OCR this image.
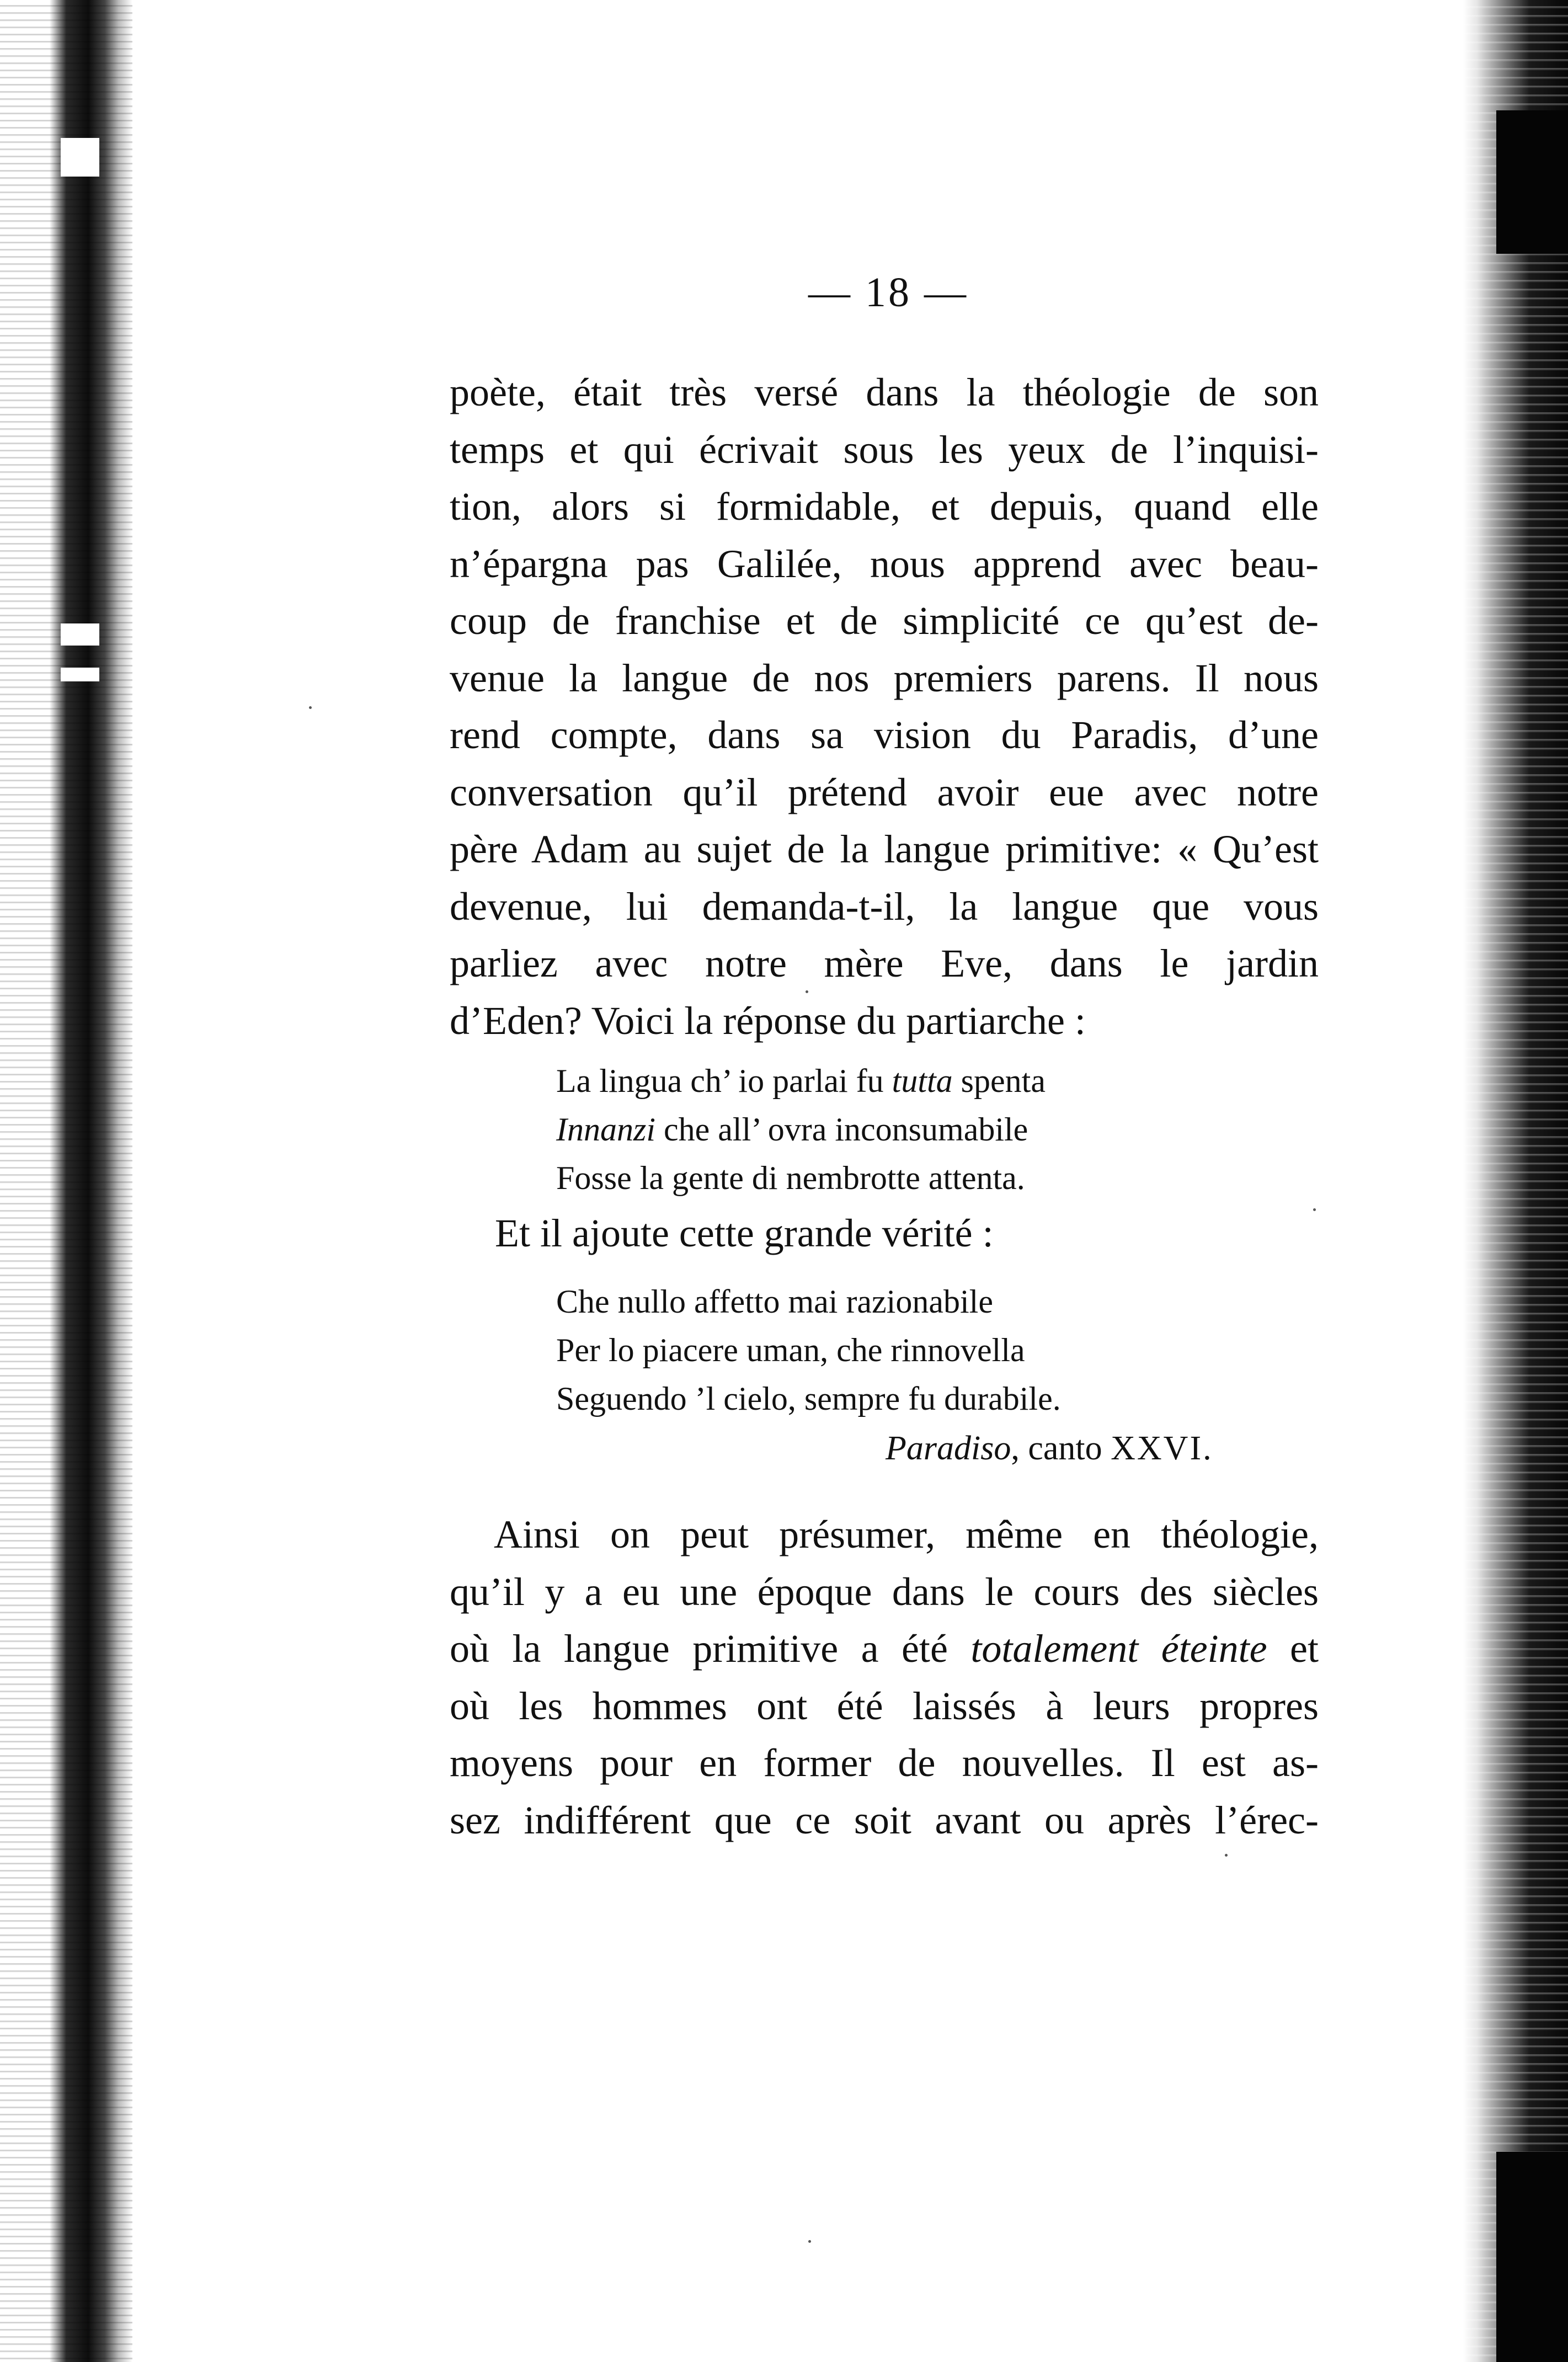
— 18 —

poète, était très versé dans la théologie de son
temps et qui écrivait sous les yeux de l’inquisi-
tion, alors si formidable, et depuis, quand elle
n’épargna pas Galilée, nous apprend avec beau-
coup de franchise et de simplicité ce qu’est de-
venue la langue de nos premiers parens. Il nous
rend compte, dans sa vision du Paradis, d’une
conversation qu’il prétend avoir eue avec notre
père Adam au sujet de la langue primitive: « Qu’est
devenue, lui demanda-t-il, la langue que vous
parliez avec notre mère Eve, dans le jardin
d’Eden? Voici la réponse du partiarche :
La lingua ch’ io parlai fu tutta spenta
Innanzi che all’ ovra inconsumabile
Fosse la gente di nembrotte attenta.

Et il ajoute cette grande vérité :

Che nullo affetto mai razionabile
Per lo piacere uman, che rinnovella
Seguendo ’l cielo, sempre fu durabile.

Paradiso, canto XXVI.

Ainsi on peut présumer, même en théologie,
qu’il y a eu une époque dans le cours des siècles
où la langue primitive a été totalement éteinte et
où les hommes ont été laissés à leurs propres
moyens pour en former de nouvelles. Il est as-
sez indifférent que ce soit avant ou après l’érec-
